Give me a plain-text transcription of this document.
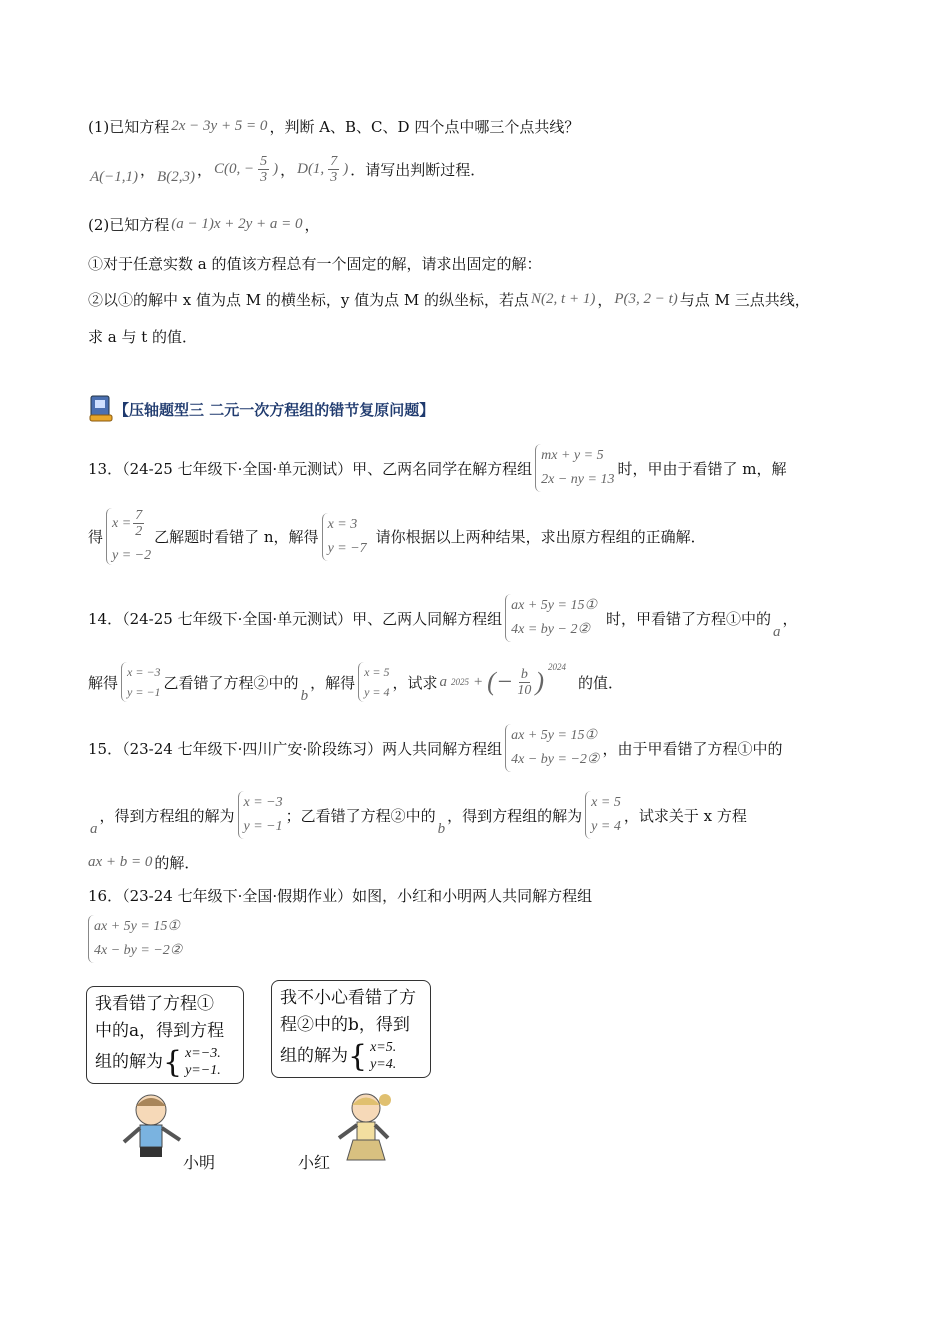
(1)已知方程 2x − 3y + 5 = 0 ，判断 A、B、C、D 四个点中哪三个点共线？
A(−1,1) ， B(2,3) ， C(0, − $\frac{5}{3}$ ) ， D(1, $\frac{7}{3}$ ) ．请写出判断过程．
(2)已知方程 (a − 1)x + 2y + a = 0 ，
①对于任意实数 a 的值该方程总有一个固定的解，请求出固定的解：
②以①的解中 x 值为点 M 的横坐标，y 值为点 M 的纵坐标，若点 N(2, t + 1) ， P(3, 2 − t) 与点 M 三点共线，
求 a 与 t 的值．
【压轴题型三 二元一次方程组的错节复原问题】
13．（24-25 七年级下·全国·单元测试）甲、乙两名同学在解方程组
mx + y = 5
2x − ny = 13
时，甲由于看错了 m，解
得
$x = \frac{7}{2}$
y = −2
乙解题时看错了 n，解得
x = 3
y = −7
请你根据以上两种结果，求出原方程组的正确解．
14．（24-25 七年级下·全国·单元测试）甲、乙两人同解方程组
ax + 5y = 15①
4x = by − 2②
时，甲看错了方程①中的
a
，
解得
x = −3
y = −1
乙看错了方程②中的
b
，解得
x = 5
y = 4
，试求 a 2025 + (− $\frac{b}{10}$ ) $^{2024}$
的值．
15．（23-24 七年级下·四川广安·阶段练习）两人共同解方程组
ax + 5y = 15①
4x − by = −2②
，由于甲看错了方程①中的
a
，得到方程组的解为
x = −3
y = −1
；乙看错了方程②中的
b
，得到方程组的解为
x = 5
y = 4
，试求关于 x 方程
ax + b = 0 的解．
16．（23-24 七年级下·全国·假期作业）如图，小红和小明两人共同解方程组
ax + 5y = 15①
4x − by = −2②
我看错了方程①
中的a，得到方程
组的解为 { x=−3.
y=−1.
我不小心看错了方
程②中的b，得到
组的解为 { x=5.
y=4.
小明	小红
